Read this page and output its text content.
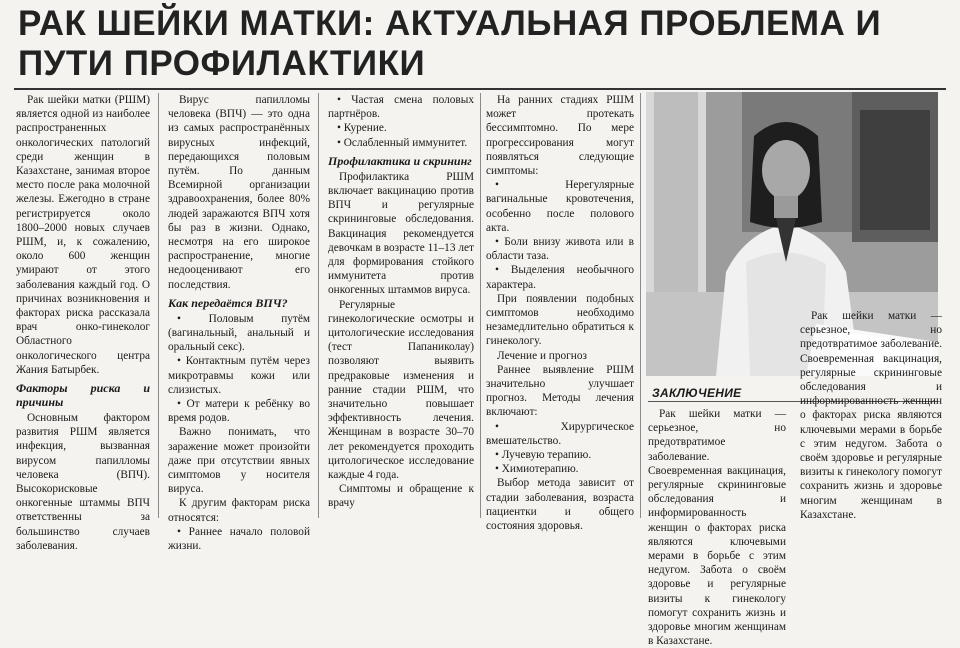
РАК ШЕЙКИ МАТКИ: АКТУАЛЬНАЯ ПРОБЛЕМА И ПУТИ ПРОФИЛАКТИКИ

Рак шейки матки (РШМ) является одной из наиболее распространенных онкологических патологий среди женщин в Казахстане, занимая второе место после рака молочной железы. Ежегодно в стране регистрируется около 1800–2000 новых случаев РШМ, и, к сожалению, около 600 женщин умирают от этого заболевания каждый год. О причинах возникновения и факторах риска рассказала врач онко-гинеколог Областного онкологического центра Жания Батырбек.

Факторы риска и причины

Основным фактором развития РШМ является инфекция, вызванная вирусом папилломы человека (ВПЧ). Высокорисковые онкогенные штаммы ВПЧ ответственны за большинство случаев заболевания.

Вирус папилломы человека (ВПЧ) — это одна из самых распространённых вирусных инфекций, передающихся половым путём. По данным Всемирной организации здравоохранения, более 80% людей заражаются ВПЧ хотя бы раз в жизни. Однако, несмотря на его широкое распространение, многие недооценивают его последствия.

Как передаётся ВПЧ?

• Половым путём (вагинальный, анальный и оральный секс).

• Контактным путём через микротравмы кожи или слизистых.

• От матери к ребёнку во время родов.

Важно понимать, что заражение может произойти даже при отсутствии явных симптомов у носителя вируса.

К другим факторам риска относятся:

• Раннее начало половой жизни.

• Частая смена половых партнёров.

• Курение.

• Ослабленный иммунитет.

Профилактика и скрининг

Профилактика РШМ включает вакцинацию против ВПЧ и регулярные скрининговые обследования. Вакцинация рекомендуется девочкам в возрасте 11–13 лет для формирования стойкого иммунитета против онкогенных штаммов вируса.

Регулярные гинекологические осмотры и цитологические исследования (тест Папаниколау) позволяют выявить предраковые изменения и ранние стадии РШМ, что значительно повышает эффективность лечения. Женщинам в возрасте 30–70 лет рекомендуется проходить цитологическое исследование каждые 4 года.

Симптомы и обращение к врачу

На ранних стадиях РШМ может протекать бессимптомно. По мере прогрессирования могут появляться следующие симптомы:

• Нерегулярные вагинальные кровотечения, особенно после полового акта.

• Боли внизу живота или в области таза.

• Выделения необычного характера.

При появлении подобных симптомов необходимо незамедлительно обратиться к гинекологу.

Лечение и прогноз

Раннее выявление РШМ значительно улучшает прогноз. Методы лечения включают:

• Хирургическое вмешательство.

• Лучевую терапию.

• Химиотерапию.

Выбор метода зависит от стадии заболевания, возраста пациентки и общего состояния здоровья.

ЗАКЛЮЧЕНИЕ

Рак шейки матки — серьезное, но предотвратимое заболевание. Своевременная вакцинация, регулярные скрининговые обследования и информированность женщин о факторах риска являются ключевыми мерами в борьбе с этим недугом. Забота о своём здоровье и регулярные визиты к гинекологу помогут сохранить жизнь и здоровье многим женщинам в Казахстане.

Рак шейки матки — серьезное, но предотвратимое заболевание. Своевременная вакцинация, регулярные скрининговые обследования и информированность женщин о факторах риска являются ключевыми мерами в борьбе с этим недугом. Забота о своём здоровье и регулярные визиты к гинекологу помогут сохранить жизнь и здоровье многим женщинам в Казахстане.
